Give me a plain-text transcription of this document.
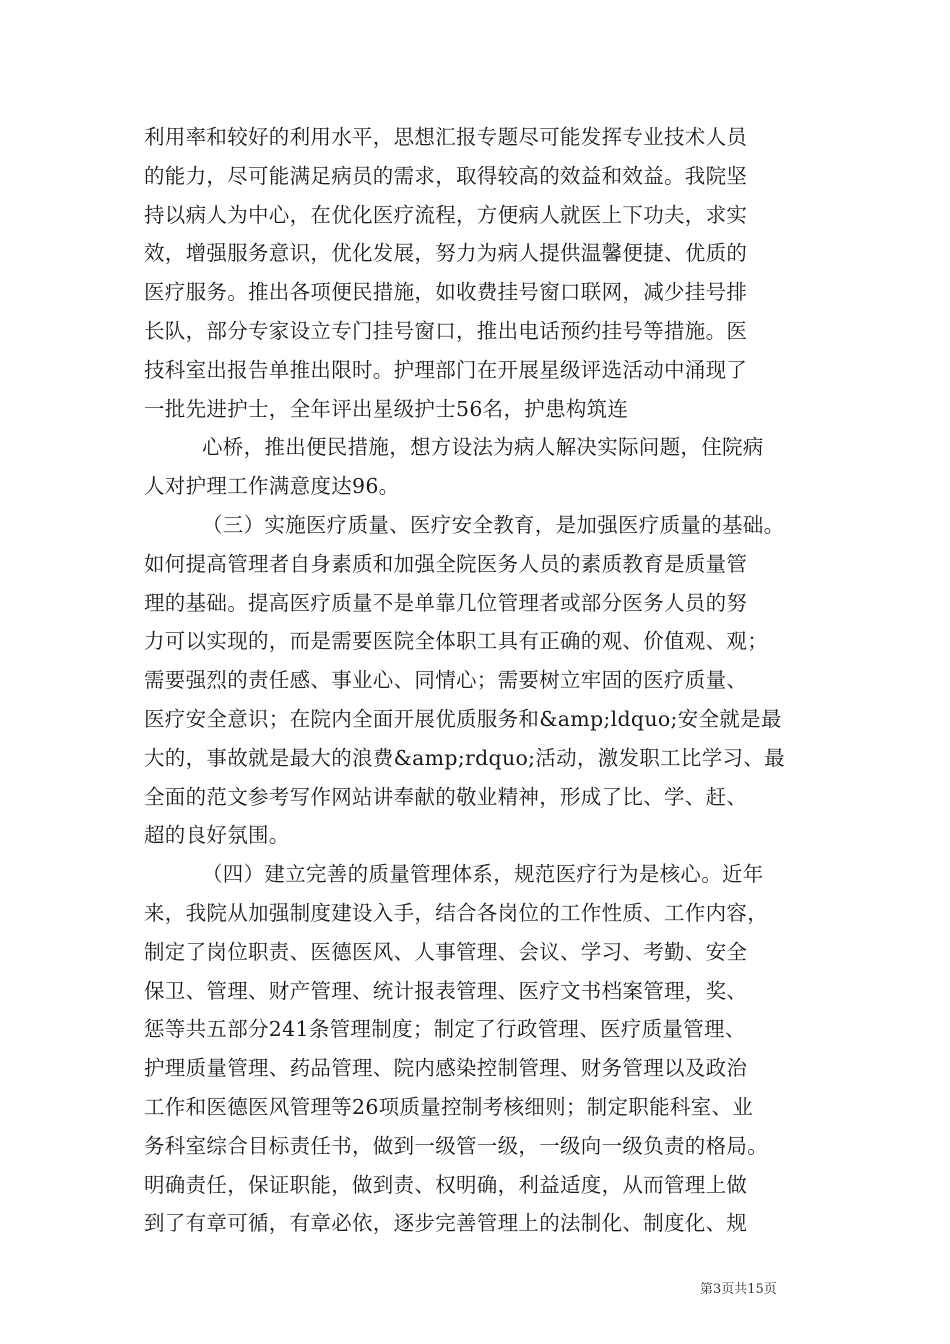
利用率和较好的利用水平，思想汇报专题尽可能发挥专业技术人员
的能力，尽可能满足病员的需求，取得较高的效益和效益。我院坚
持以病人为中心，在优化医疗流程，方便病人就医上下功夫，求实
效，增强服务意识，优化发展，努力为病人提供温馨便捷、优质的
医疗服务。推出各项便民措施，如收费挂号窗口联网，减少挂号排
长队，部分专家设立专门挂号窗口，推出电话预约挂号等措施。医
技科室出报告单推出限时。护理部门在开展星级评选活动中涌现了
一批先进护士，全年评出星级护士56名，护患构筑连
心桥，推出便民措施，想方设法为病人解决实际问题，住院病
人对护理工作满意度达96。
（三）实施医疗质量、医疗安全教育，是加强医疗质量的基础。
如何提高管理者自身素质和加强全院医务人员的素质教育是质量管
理的基础。提高医疗质量不是单靠几位管理者或部分医务人员的努
力可以实现的，而是需要医院全体职工具有正确的观、价值观、观；
需要强烈的责任感、事业心、同情心；需要树立牢固的医疗质量、
医疗安全意识；在院内全面开展优质服务和&amp;ldquo;安全就是最
大的，事故就是最大的浪费&amp;rdquo;活动，激发职工比学习、最
全面的范文参考写作网站讲奉献的敬业精神，形成了比、学、赶、
超的良好氛围。
（四）建立完善的质量管理体系，规范医疗行为是核心。近年
来，我院从加强制度建设入手，结合各岗位的工作性质、工作内容，
制定了岗位职责、医德医风、人事管理、会议、学习、考勤、安全
保卫、管理、财产管理、统计报表管理、医疗文书档案管理，奖、
惩等共五部分241条管理制度；制定了行政管理、医疗质量管理、
护理质量管理、药品管理、院内感染控制管理、财务管理以及政治
工作和医德医风管理等26项质量控制考核细则；制定职能科室、业
务科室综合目标责任书，做到一级管一级，一级向一级负责的格局。
明确责任，保证职能，做到责、权明确，利益适度，从而管理上做
到了有章可循，有章必依，逐步完善管理上的法制化、制度化、规
第3页共15页
